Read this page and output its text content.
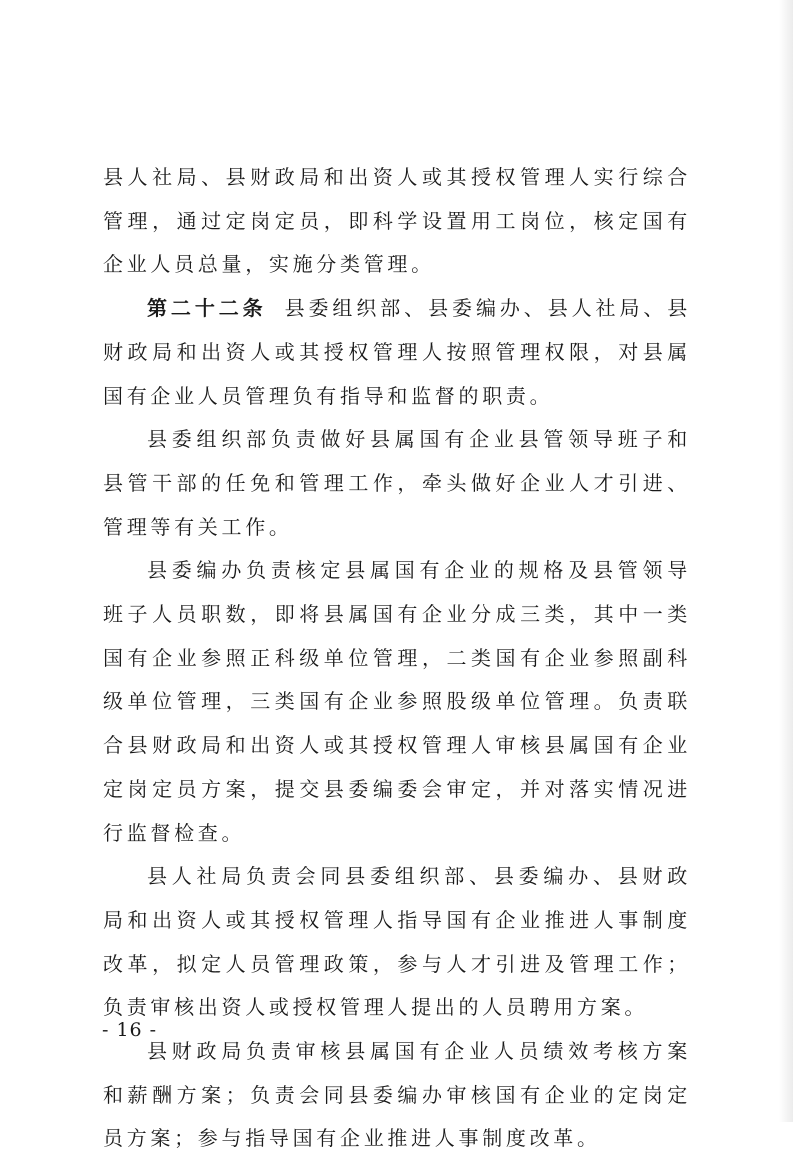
县人社局、县财政局和出资人或其授权管理人实行综合管理，通过定岗定员，即科学设置用工岗位，核定国有企业人员总量，实施分类管理。

第二十二条 县委组织部、县委编办、县人社局、县财政局和出资人或其授权管理人按照管理权限，对县属国有企业人员管理负有指导和监督的职责。

县委组织部负责做好县属国有企业县管领导班子和县管干部的任免和管理工作，牵头做好企业人才引进、管理等有关工作。

县委编办负责核定县属国有企业的规格及县管领导班子人员职数，即将县属国有企业分成三类，其中一类国有企业参照正科级单位管理，二类国有企业参照副科级单位管理，三类国有企业参照股级单位管理。负责联合县财政局和出资人或其授权管理人审核县属国有企业定岗定员方案，提交县委编委会审定，并对落实情况进行监督检查。

县人社局负责会同县委组织部、县委编办、县财政局和出资人或其授权管理人指导国有企业推进人事制度改革，拟定人员管理政策，参与人才引进及管理工作；负责审核出资人或授权管理人提出的人员聘用方案。

县财政局负责审核县属国有企业人员绩效考核方案和薪酬方案；负责会同县委编办审核国有企业的定岗定员方案；参与指导国有企业推进人事制度改革。

- 16 -
